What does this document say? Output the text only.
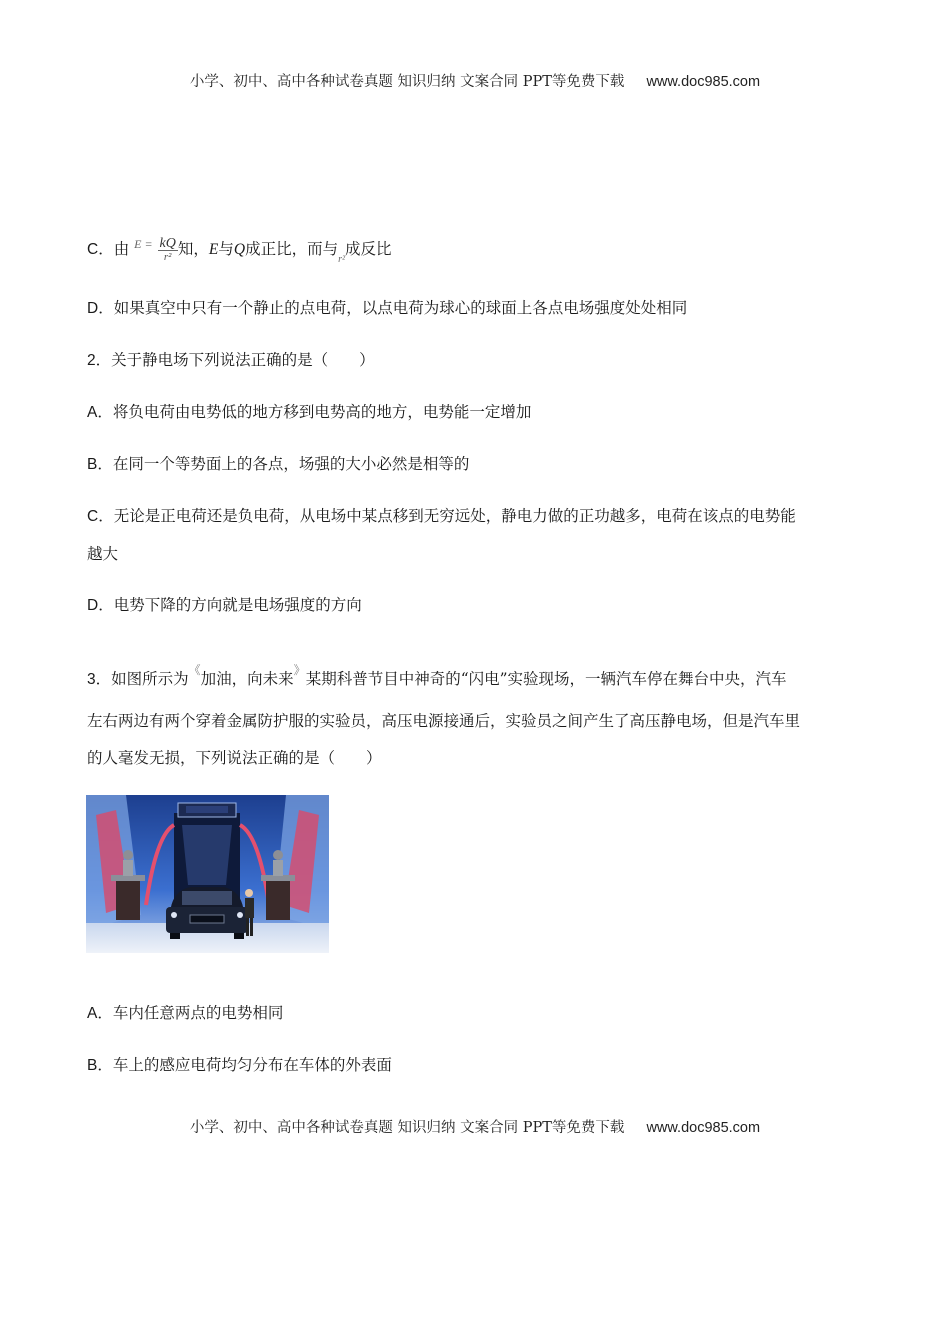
小学、初中、高中各种试卷真题 知识归纳 文案合同 PPT等免费下载 www.doc985.com
C．由 $^{E =} \frac{kQ}{\text{r²}}$ 知，E与Q成正比，而与$_{r^2}$成反比
D．如果真空中只有一个静止的点电荷，以点电荷为球心的球面上各点电场强度处处相同
2．关于静电场下列说法正确的是（　　）
A．将负电荷由电势低的地方移到电势高的地方，电势能一定增加
B．在同一个等势面上的各点，场强的大小必然是相等的
C．无论是正电荷还是负电荷，从电场中某点移到无穷远处，静电力做的正功越多，电荷在该点的电势能
越大
D．电势下降的方向就是电场强度的方向
3．如图所示为《加油，向未来》某期科普节目中神奇的“闪电”实验现场，一辆汽车停在舞台中央，汽车
左右两边有两个穿着金属防护服的实验员，高压电源接通后，实验员之间产生了高压静电场，但是汽车里
的人毫发无损，下列说法正确的是（　　）
A．车内任意两点的电势相同
B．车上的感应电荷均匀分布在车体的外表面
小学、初中、高中各种试卷真题 知识归纳 文案合同 PPT等免费下载 www.doc985.com
